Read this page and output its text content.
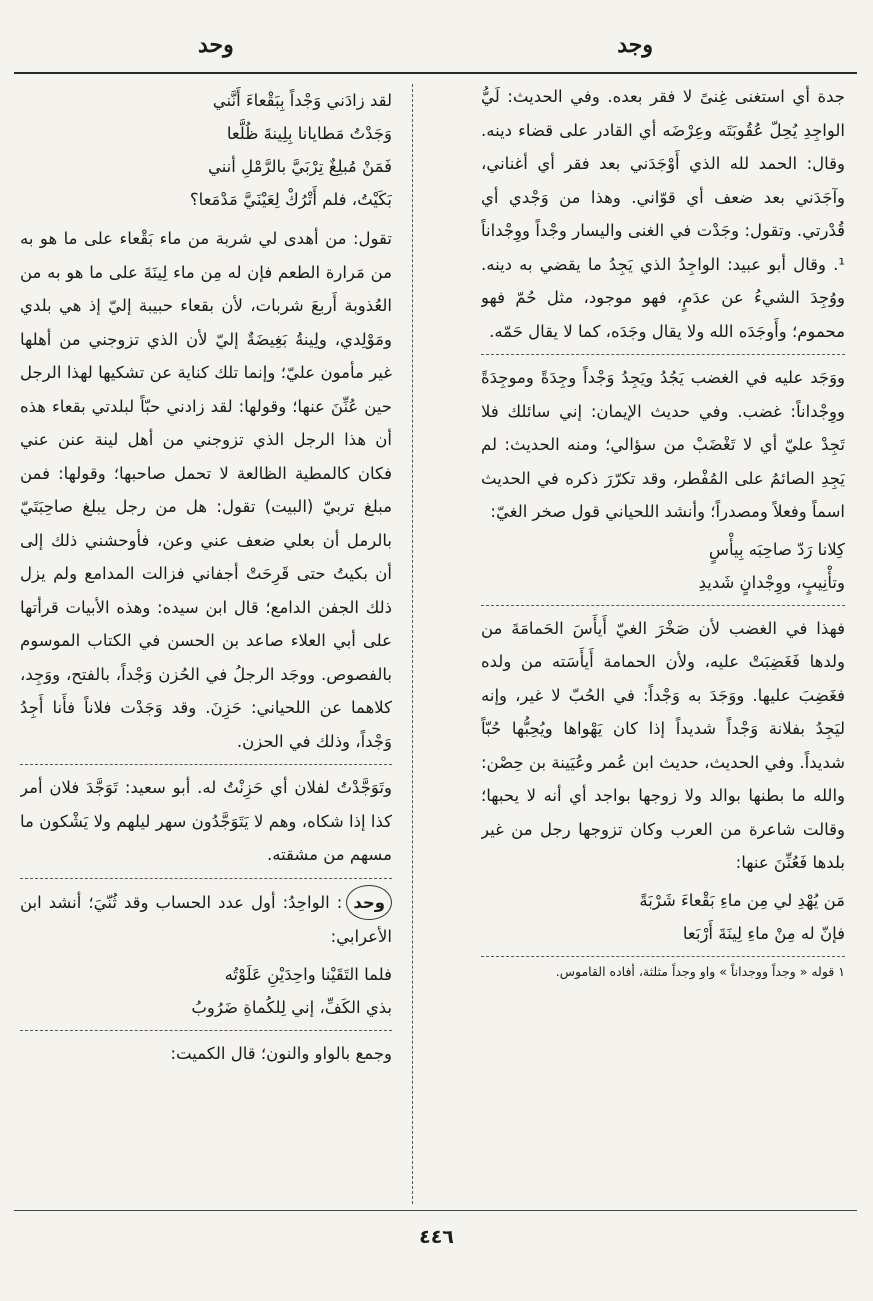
وجد
وحد

جدة أي استغنى غِنىً لا فقر بعده. وفي الحديث: لَيُّ الواجِدِ يُحِلّ عُقُوبَتَه وعِرْضَه أي القادر على قضاء دينه. وقال: الحمد لله الذي أَوْجَدَني بعد فقر أي أغناني، وآجَدَني بعد ضعف أي قوّاني. وهذا من وَجْدي أي قُدْرتي. وتقول: وجَدْت في الغنى واليسار وجْداً ووِجْداناً ¹. وقال أبو عبيد: الواجِدُ الذي يَجِدُ ما يقضي به دينه. ووُجِدَ الشيءُ عن عدَمٍ، فهو موجود، مثل حُمّ فهو محموم؛ وأَوجَدَه الله ولا يقال وجَدَه، كما لا يقال حَمّه.

ووَجَد عليه في الغضب يَجُدُ ويَجِدُ وَجْداً وجِدَةً وموجِدَةً ووِجْداناً: غضب. وفي حديث الإيمان: إني سائلك فلا تَجِدْ عليّ أي لا تَغْضَبْ من سؤالي؛ ومنه الحديث: لم يَجِدِ الصائمُ على المُفْطر، وقد تكرّرَ ذكره في الحديث اسماً وفعلاً ومصدراً؛ وأنشد اللحياني قول صخر الغيّ:

كِلانا رَدّ صاحِبَه بِيأْسٍ
وتأْنِيبٍ، ووِجْدانٍ شَديدِ

فهذا في الغضب لأن صَخْرَ الغيّ أَيأَسَ الحَمامَةَ من ولدها فَغَضِبَتْ عليه، ولأن الحمامة أَيأَسَته من ولده فغَضِبَ عليها. ووَجَدَ به وَجْداً: في الحُبّ لا غير، وإنه ليَجِدُ بفلانة وَجْداً شديداً إذا كان يَهْواها ويُحِبُّها حُبّاً شديداً. وفي الحديث، حديث ابن عُمر وعُيَينة بن حِصْن: والله ما بطنها بوالد ولا زوجها بواجد أي أنه لا يحبها؛ وقالت شاعرة من العرب وكان تزوجها رجل من غير بلدها فَعُنِّنَ عنها:

مَن يُهْدِ لي مِن ماءِ بَقْعاءَ شَرْبَةً
فإنّ له مِنْ ماءِ لِينَةَ أَرْبَعا

١ قوله « وجداً ووجداناً » واو وجداً مثلثة، أفاده القاموس.

لقد زادَني وَجْداً بِبَقْعاءَ أَنَّني
وَجَدْتُ مَطايانا بِلِينةَ ظُلَّعا
فَمَنْ مُبلِغٌ تِرْبَيَّ بالرَّمْلِ أنني
بَكَيْتُ، فلم أَتْرُكْ لِعَيْنَيَّ مَدْمَعا؟

تقول: من أهدى لي شربة من ماء بَقْعاء على ما هو به من مَرارة الطعم فإن له مِن ماء لِينَةَ على ما هو به من العُذوبة أَربعَ شربات، لأن بقعاء حبيبة إليّ إذ هي بلدي ومَوْلِدي، ولِينةُ بَغِيضَةٌ إليّ لأن الذي تزوجني من أهلها غير مأمون عليّ؛ وإنما تلك كناية عن تشكيها لهذا الرجل حين عُنِّنَ عنها؛ وقولها: لقد زادني حبّاً لبلدتي بقعاء هذه أن هذا الرجل الذي تزوجني من أهل لينة عنن عني فكان كالمطية الظالعة لا تحمل صاحبها؛ وقولها: فمن مبلغ تربيّ (البيت) تقول: هل من رجل يبلغ صاحِبَتَيّ بالرمل أن بعلي ضعف عني وعن، فأوحشني ذلك إلى أن بكيتُ حتى قَرِحَتْ أجفاني فزالت المدامع ولم يزل ذلك الجفن الدامع؛ قال ابن سيده: وهذه الأبيات قرأتها على أبي العلاء صاعد بن الحسن في الكتاب الموسوم بالفصوص. ووجَد الرجلُ في الحُزن وَجْداً، بالفتح، ووَجِد، كلاهما عن اللحياني: حَزِنَ. وقد وَجَدْت فلاناً فأَنا أَجِدُ وَجْداً، وذلك في الحزن.

وتَوَجَّدْتُ لفلان أي حَزِنْتُ له. أبو سعيد: تَوَجَّدَ فلان أمر كذا إذا شكاه، وهم لا يَتَوَجَّدُون سهر ليلهم ولا يَشْكون ما مسهم من مشقته.

وحد: الواحِدُ: أول عدد الحساب وقد ثُنّيَ؛ أنشد ابن الأعرابي:

فلما التَقَيْنا واحِدَيْنِ عَلَوْتُه
بذي الكَفِّ، إني لِلكُماةِ ضَرُوبُ

وجمع بالواو والنون؛ قال الكميت:

٤٤٦
